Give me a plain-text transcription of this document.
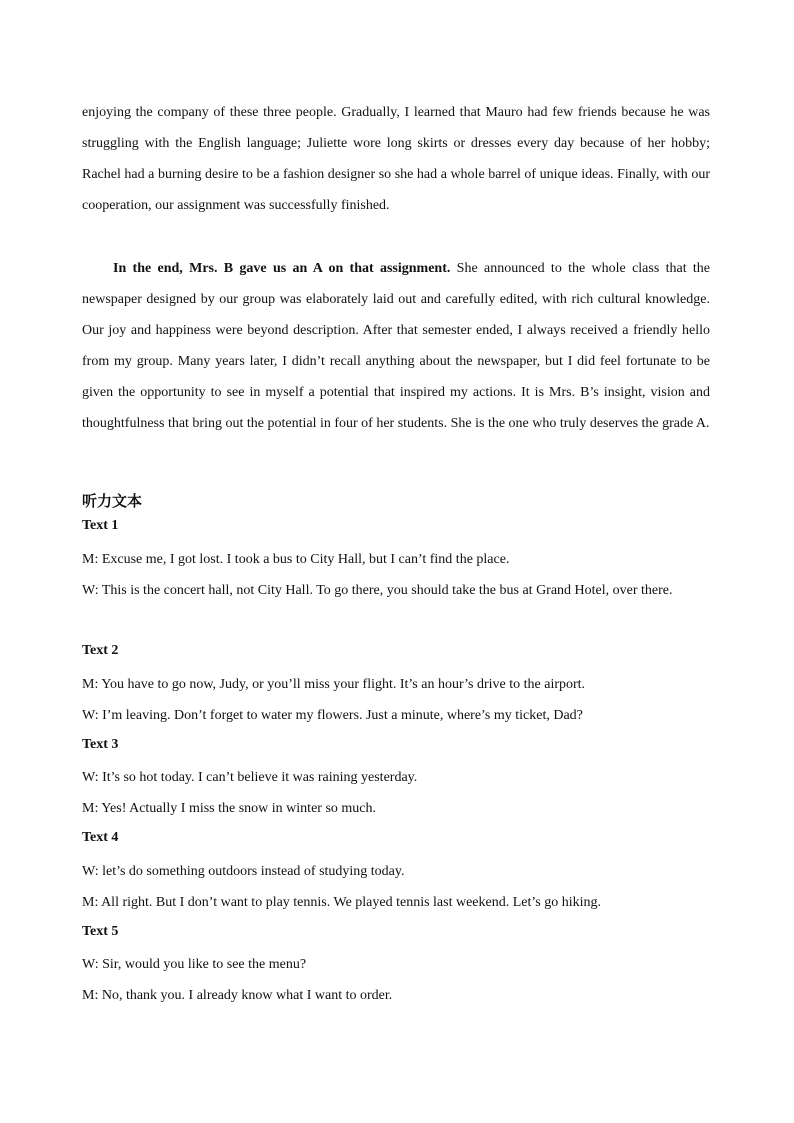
enjoying the company of these three people. Gradually, I learned that Mauro had few friends because he was struggling with the English language; Juliette wore long skirts or dresses every day because of her hobby; Rachel had a burning desire to be a fashion designer so she had a whole barrel of unique ideas. Finally, with our cooperation, our assignment was successfully finished.

In the end, Mrs. B gave us an A on that assignment. She announced to the whole class that the newspaper designed by our group was elaborately laid out and carefully edited, with rich cultural knowledge. Our joy and happiness were beyond description. After that semester ended, I always received a friendly hello from my group. Many years later, I didn’t recall anything about the newspaper, but I did feel fortunate to be given the opportunity to see in myself a potential that inspired my actions. It is Mrs. B’s insight, vision and thoughtfulness that bring out the potential in four of her students. She is the one who truly deserves the grade A.

听力文本

Text 1

M: Excuse me, I got lost. I took a bus to City Hall, but I can’t find the place.

W: This is the concert hall, not City Hall. To go there, you should take the bus at Grand Hotel, over there.

Text 2

M: You have to go now, Judy, or you’ll miss your flight. It’s an hour’s drive to the airport.

W: I’m leaving. Don’t forget to water my flowers. Just a minute, where’s my ticket, Dad?

Text 3

W: It’s so hot today. I can’t believe it was raining yesterday.

M: Yes! Actually I miss the snow in winter so much.

Text 4

W: let’s do something outdoors instead of studying today.

M: All right. But I don’t want to play tennis. We played tennis last weekend. Let’s go hiking.

Text 5

W: Sir, would you like to see the menu?

M: No, thank you. I already know what I want to order.
